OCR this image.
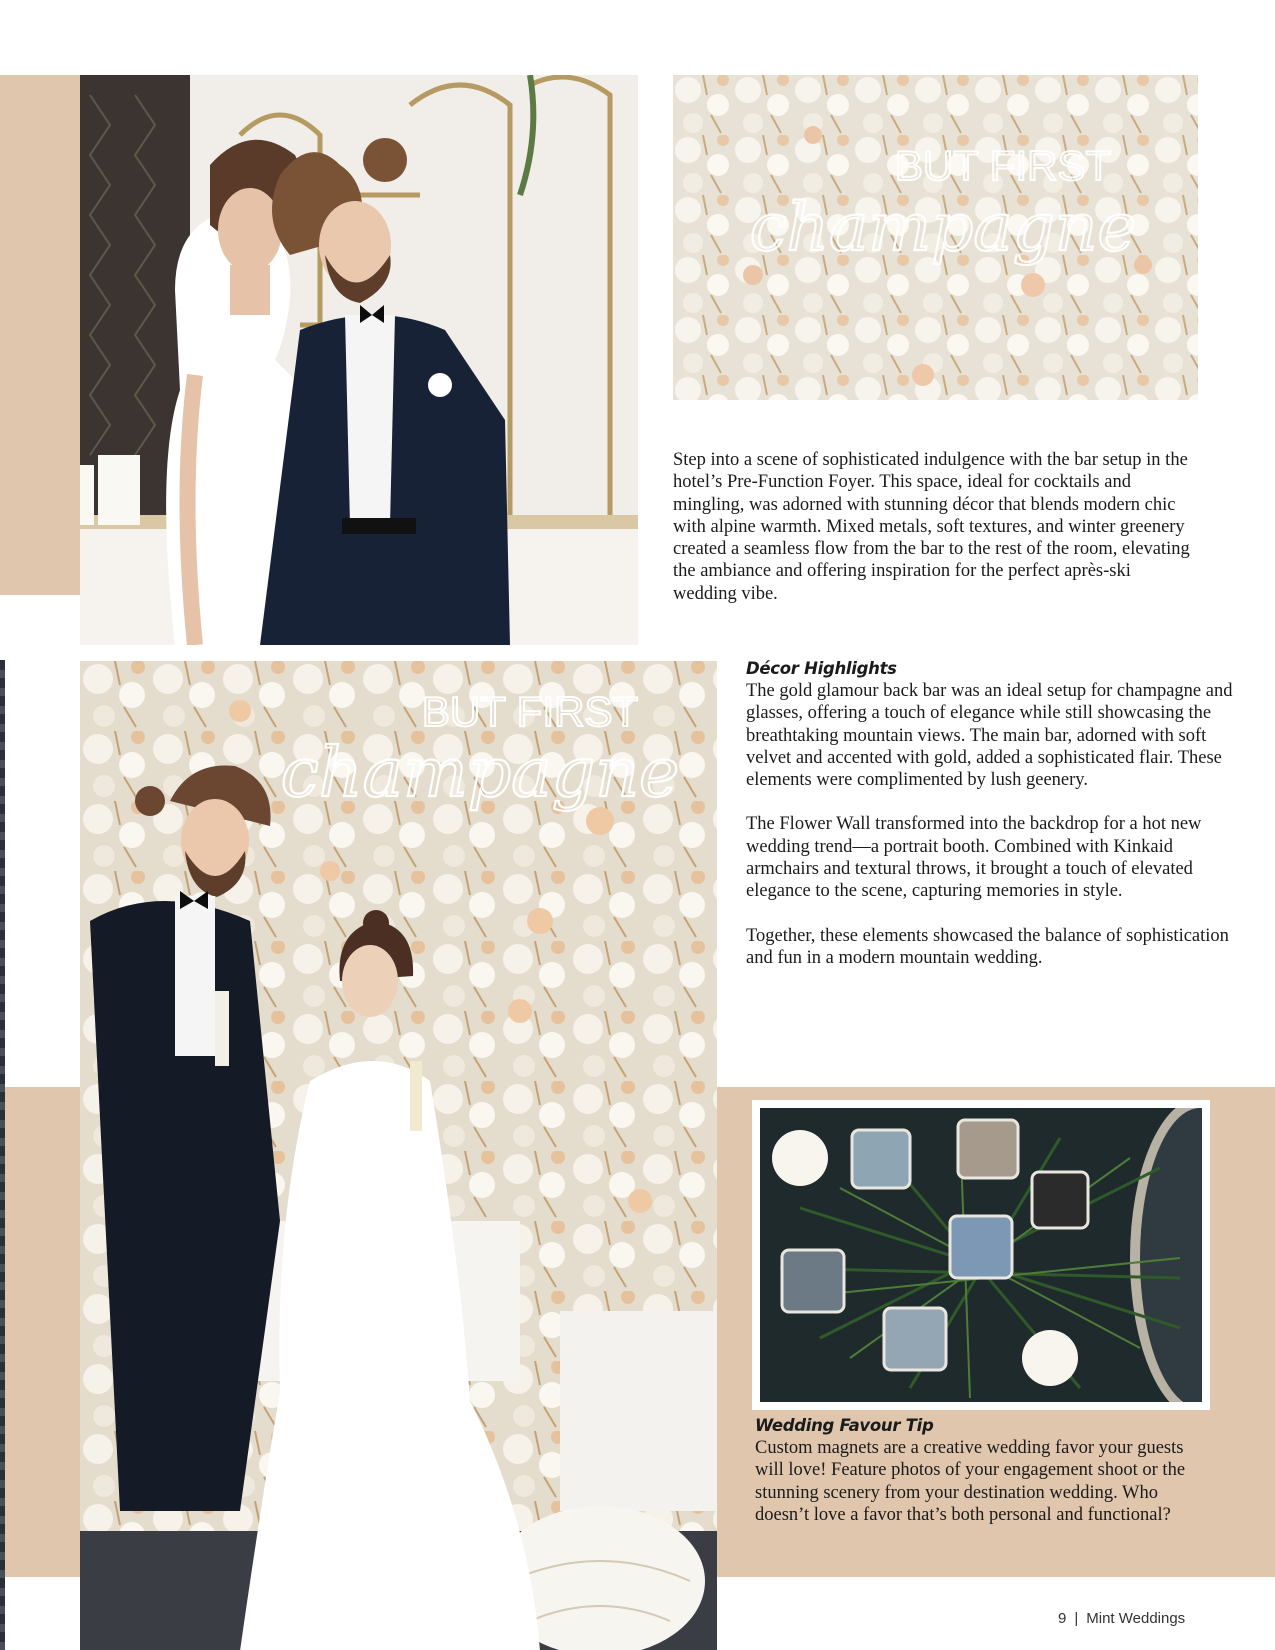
BUT FIRST
champagne
Step into a scene of sophisticated indulgence with the bar setup in the hotel’s Pre-Function Foyer. This space, ideal for cocktails and mingling, was adorned with stunning décor that blends modern chic with alpine warmth. Mixed metals, soft textures, and winter greenery created a seamless flow from the bar to the rest of the room, elevating the ambiance and offering inspiration for the perfect après-ski wedding vibe.
BUT FIRST
champagne
Décor Highlights

The gold glamour back bar was an ideal setup for champagne and glasses, offering a touch of elegance while still showcasing the breathtaking mountain views. The main bar, adorned with soft velvet and accented with gold, added a sophisticated flair. These elements were complimented by lush geenery.

The Flower Wall transformed into the backdrop for a hot new wedding trend—a portrait booth. Combined with Kinkaid armchairs and textural throws, it brought a touch of elevated elegance to the scene, capturing memories in style.

Together, these elements showcased the balance of sophistication and fun in a modern mountain wedding.

Wedding Favour Tip
Custom magnets are a creative wedding favor your guests will love! Feature photos of your engagement shoot or the stunning scenery from your destination wedding. Who doesn’t love a favor that’s both personal and functional?
9 | Mint Weddings
